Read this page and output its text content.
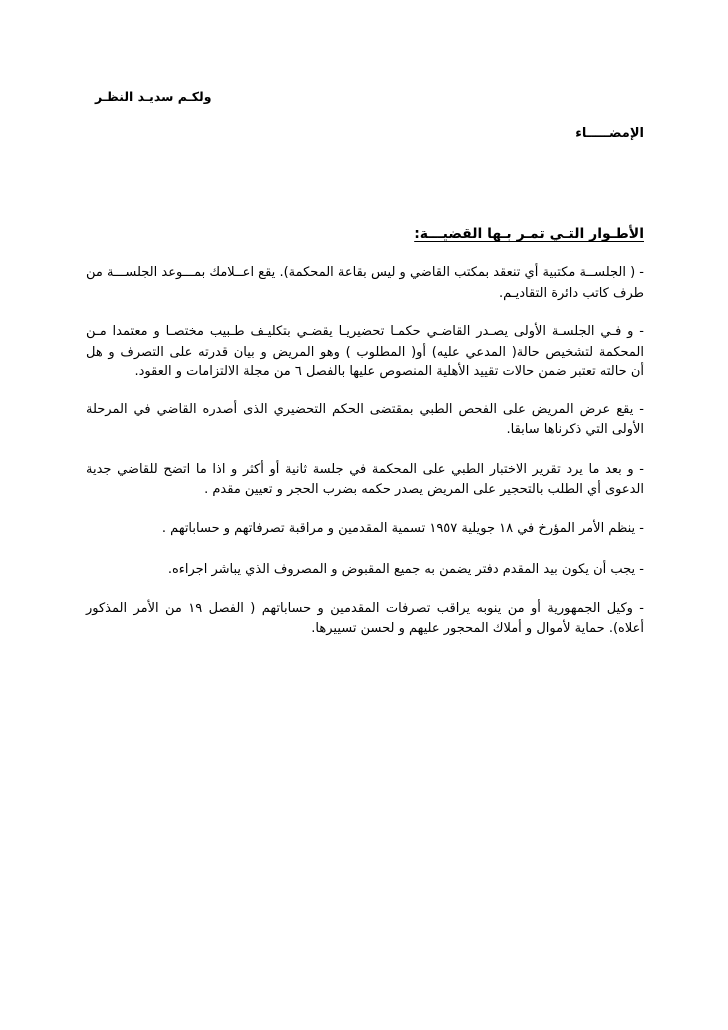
ولكـم سديـد النظـر
الإمضـــــاء
الأطـوار التـي تمـر بـها القضيـــة:
- ( الجلســة مكتبية أي تنعقد بمكتب القاضي و ليس بقاعة المحكمة). يقع اعــلامك بمـــوعد الجلســـة من
طرف كاتب دائرة التقاديـم.
- و فـي الجلسـة الأولى يصـدر القاضـي حكمـا تحضيريـا يقضـي بتكليـف طـبيب مختصـا و معتمدا مـن
المحكمة لتشخيص حالة( المدعي عليه) أو( المطلوب ) وهو المريض و بيان قدرته على التصرف و هل
أن حالته تعتبر ضمن حالات تقييد الأهلية المنصوص عليها بالفصل ٦ من مجلة الالتزامات و العقود.
- يقع عرض المريض على الفحص الطبي بمقتضى الحكم التحضيري الذى أصدره القاضي في المرحلة
الأولى التي ذكرناها سابقا.
- و بعد ما يرد تقرير الاختبار الطبي على المحكمة في جلسة ثانية أو أكثر و اذا ما اتضح للقاضي جدية
الدعوى أي الطلب بالتحجير على المريض يصدر حكمه بضرب الحجر و تعيين مقدم .
- ينظم الأمر المؤرخ في ١٨ جويلية ١٩٥٧ تسمية المقدمين و مراقبة تصرفاتهم و حساباتهم .
- يجب أن يكون بيد المقدم دفتر يضمن به جميع المقبوض و المصروف الذي يباشر اجراءه.
- وكيل الجمهورية أو من ينوبه يراقب تصرفات المقدمين و حساباتهم ( الفصل ١٩ من الأمر المذكور
أعلاه). حماية لأموال و أملاك المحجور عليهم و لحسن تسييرها.
